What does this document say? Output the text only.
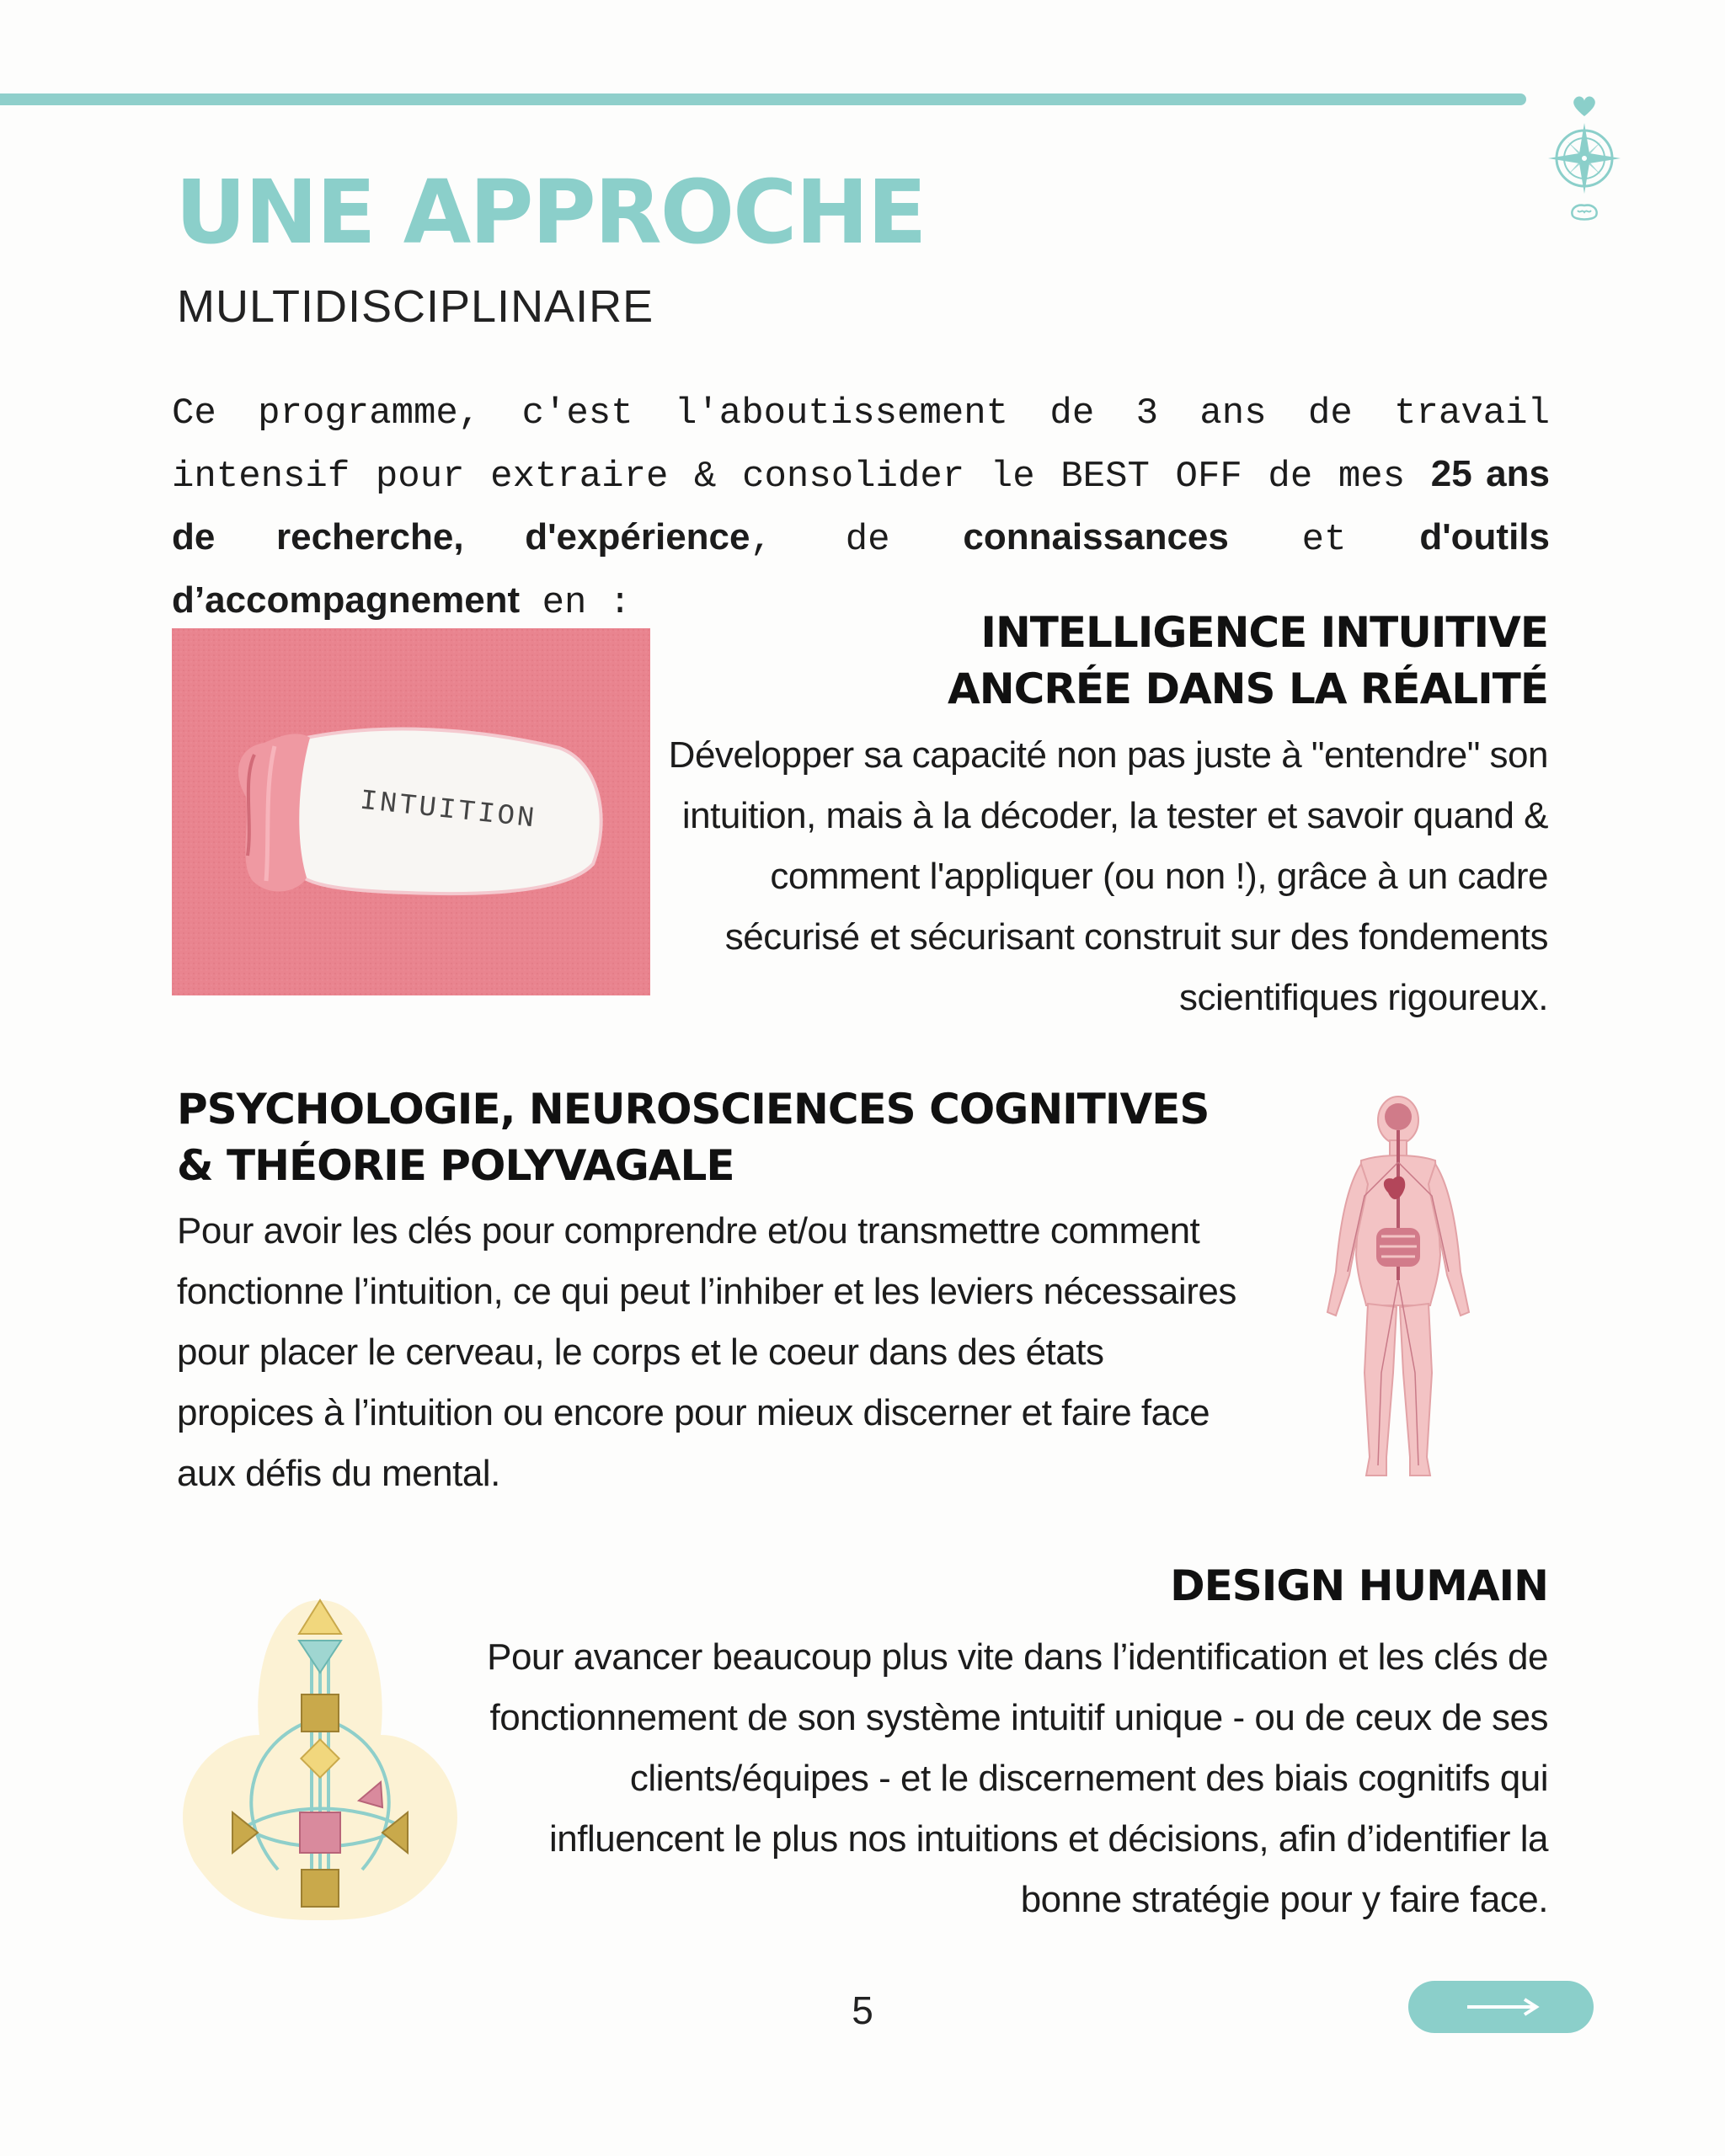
UNE APPROCHE
MULTIDISCIPLINAIRE
Ce programme, c'est l'aboutissement de 3 ans de travail intensif pour extraire & consolider le BEST OFF de mes 25 ans de recherche, d'expérience, de connaissances et d'outils d’accompagnement en :
INTUITION
INTELLIGENCE INTUITIVE
ANCRÉE DANS LA RÉALITÉ
Développer sa capacité non pas juste à "entendre" son intuition, mais à la décoder, la tester et savoir quand & comment l'appliquer (ou non !), grâce à un cadre sécurisé et sécurisant construit sur des fondements scientifiques rigoureux.
PSYCHOLOGIE, NEUROSCIENCES COGNITIVES
& THÉORIE POLYVAGALE
Pour avoir les clés pour comprendre et/ou transmettre comment fonctionne l’intuition, ce qui peut l’inhiber et les leviers nécessaires pour placer le cerveau, le corps et le coeur dans des états propices à l’intuition ou encore pour mieux discerner et faire face aux défis du mental.
DESIGN HUMAIN
Pour avancer beaucoup plus vite dans l’identification et les clés de fonctionnement de son système intuitif unique - ou de ceux de ses clients/équipes - et le discernement des biais cognitifs qui influencent le plus nos intuitions et décisions, afin d’identifier la bonne stratégie pour y faire face.
5
